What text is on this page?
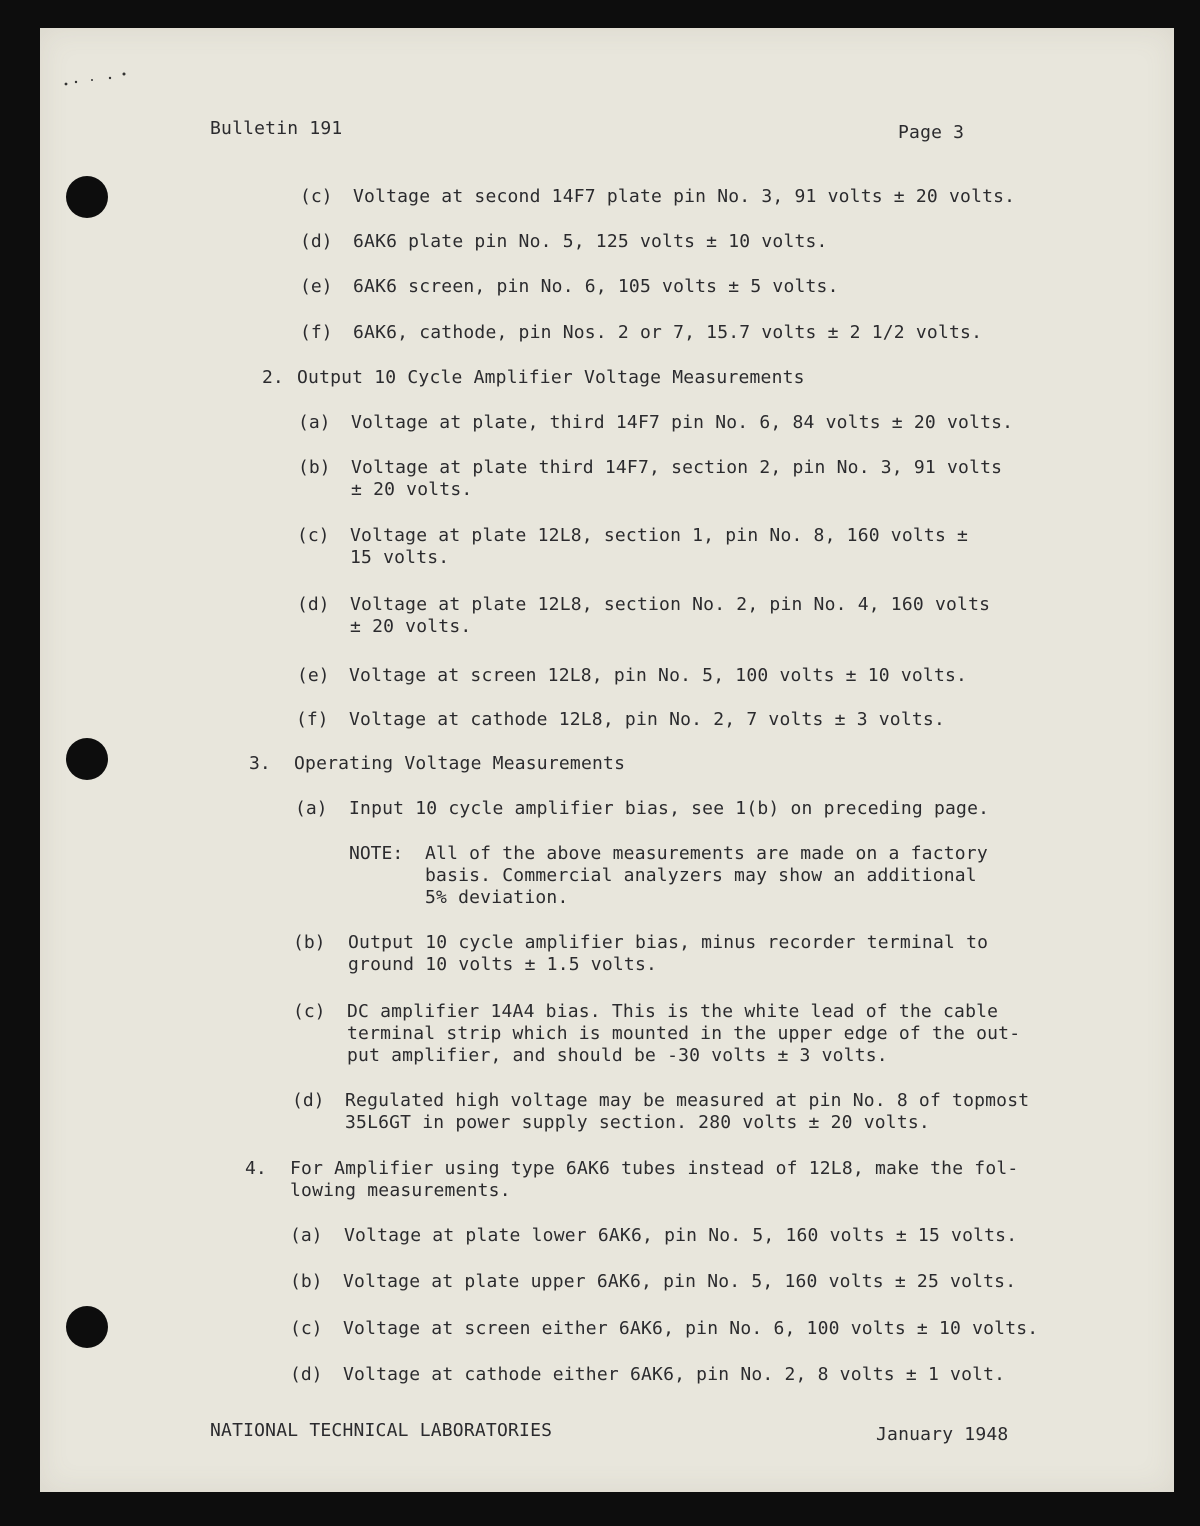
Bulletin 191	Page 3
(c) Voltage at second 14F7 plate pin No. 3, 91 volts ± 20 volts.
(d) 6AK6 plate pin No. 5, 125 volts ± 10 volts.
(e) 6AK6 screen, pin No. 6, 105 volts ± 5 volts.
(f) 6AK6, cathode, pin Nos. 2 or 7, 15.7 volts ± 2 1/2 volts.
(a) Voltage at plate, third 14F7 pin No. 6, 84 volts ± 20 volts.
(b) Voltage at plate third 14F7, section 2, pin No. 3, 91 volts
± 20 volts.
(c) Voltage at plate 12L8, section 1, pin No. 8, 160 volts ±
15 volts.
(d) Voltage at plate 12L8, section No. 2, pin No. 4, 160 volts
± 20 volts.
(e) Voltage at screen 12L8, pin No. 5, 100 volts ± 10 volts.
(f) Voltage at cathode 12L8, pin No. 2, 7 volts ± 3 volts.
(a) Input 10 cycle amplifier bias, see 1(b) on preceding page.
(b) Output 10 cycle amplifier bias, minus recorder terminal to
ground 10 volts ± 1.5 volts.
(c) DC amplifier 14A4 bias. This is the white lead of the cable
terminal strip which is mounted in the upper edge of the out-
put amplifier, and should be -30 volts ± 3 volts.
(d) Regulated high voltage may be measured at pin No. 8 of topmost
35L6GT in power supply section. 280 volts ± 20 volts.
(a) Voltage at plate lower 6AK6, pin No. 5, 160 volts ± 15 volts.
(b) Voltage at plate upper 6AK6, pin No. 5, 160 volts ± 25 volts.
(c) Voltage at screen either 6AK6, pin No. 6, 100 volts ± 10 volts.
(d) Voltage at cathode either 6AK6, pin No. 2, 8 volts ± 1 volt.
2. Output 10 Cycle Amplifier Voltage Measurements
3. Operating Voltage Measurements
NOTE: All of the above measurements are made on a factory
basis. Commercial analyzers may show an additional
5% deviation.
4. For Amplifier using type 6AK6 tubes instead of 12L8, make the fol-
lowing measurements.
NATIONAL TECHNICAL LABORATORIES	January 1948
